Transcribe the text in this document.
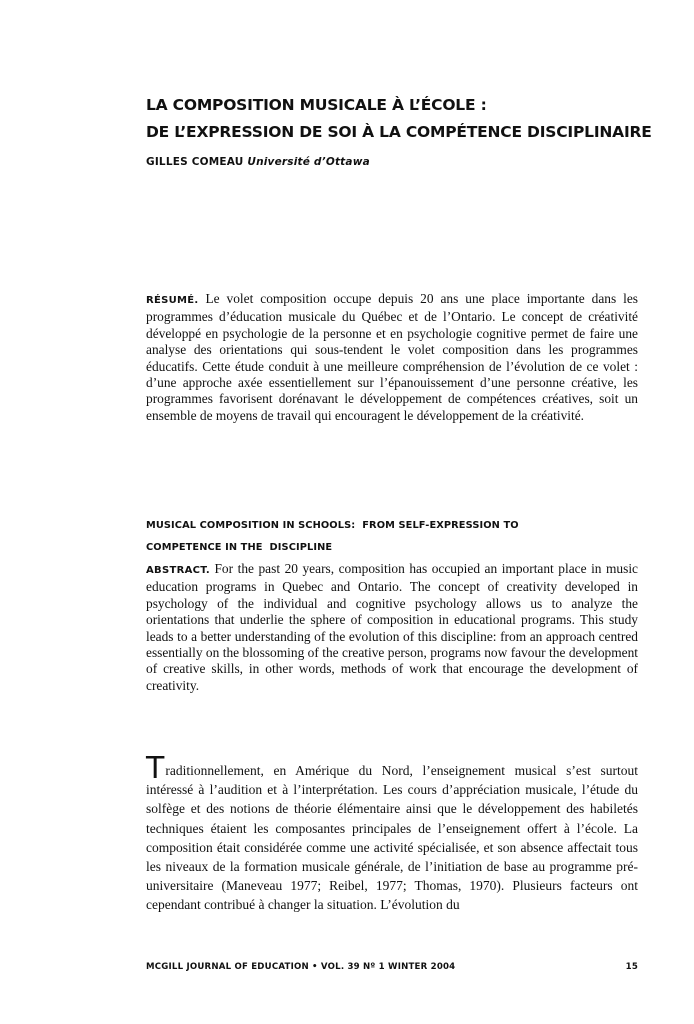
LA COMPOSITION MUSICALE À L’ÉCOLE :

DE L’EXPRESSION DE SOI À LA COMPÉTENCE DISCIPLINAIRE

GILLES COMEAU Université d’Ottawa
RÉSUMÉ. Le volet composition occupe depuis 20 ans une place importante dans les programmes d’éducation musicale du Québec et de l’Ontario. Le concept de créativité développé en psychologie de la personne et en psychologie cognitive permet de faire une analyse des orientations qui sous-tendent le volet composition dans les programmes éducatifs. Cette étude conduit à une meilleure compréhension de l’évolution de ce volet : d’une approche axée essentiellement sur l’épanouissement d’une personne créative, les programmes favorisent dorénavant le développement de compétences créatives, soit un ensemble de moyens de travail qui encouragent le développement de la créativité.
MUSICAL COMPOSITION IN SCHOOLS:  FROM SELF-EXPRESSION TO
COMPETENCE IN THE  DISCIPLINE
ABSTRACT. For the past 20 years, composition has occupied an important place in music education programs in Quebec and Ontario. The concept of creativity developed in psychology of the individual and cognitive psychology allows us to analyze the orientations that underlie the sphere of composition in educational programs. This study leads to a better understanding of the evolution of this discipline: from an approach centred essentially on the blossoming of the creative person, programs now favour the development of creative skills, in other words, methods of work that encourage the development of creativity.
Traditionnellement, en Amérique du Nord, l’enseignement musical s’est surtout intéressé à l’audition et à l’interprétation. Les cours d’appréciation musicale, l’étude du solfège et des notions de théorie élémentaire ainsi que le développement des habiletés techniques étaient les composantes principales de l’enseignement offert à l’école. La composition était considérée comme une activité spécialisée, et son absence affectait tous les niveaux de la formation musicale générale, de l’initiation de base au programme pré-universitaire (Maneveau 1977; Reibel, 1977; Thomas, 1970). Plusieurs facteurs ont cependant contribué à changer la situation. L’évolution du
MCGILL JOURNAL OF EDUCATION • VOL. 39 Nº 1 WINTER 2004	15
